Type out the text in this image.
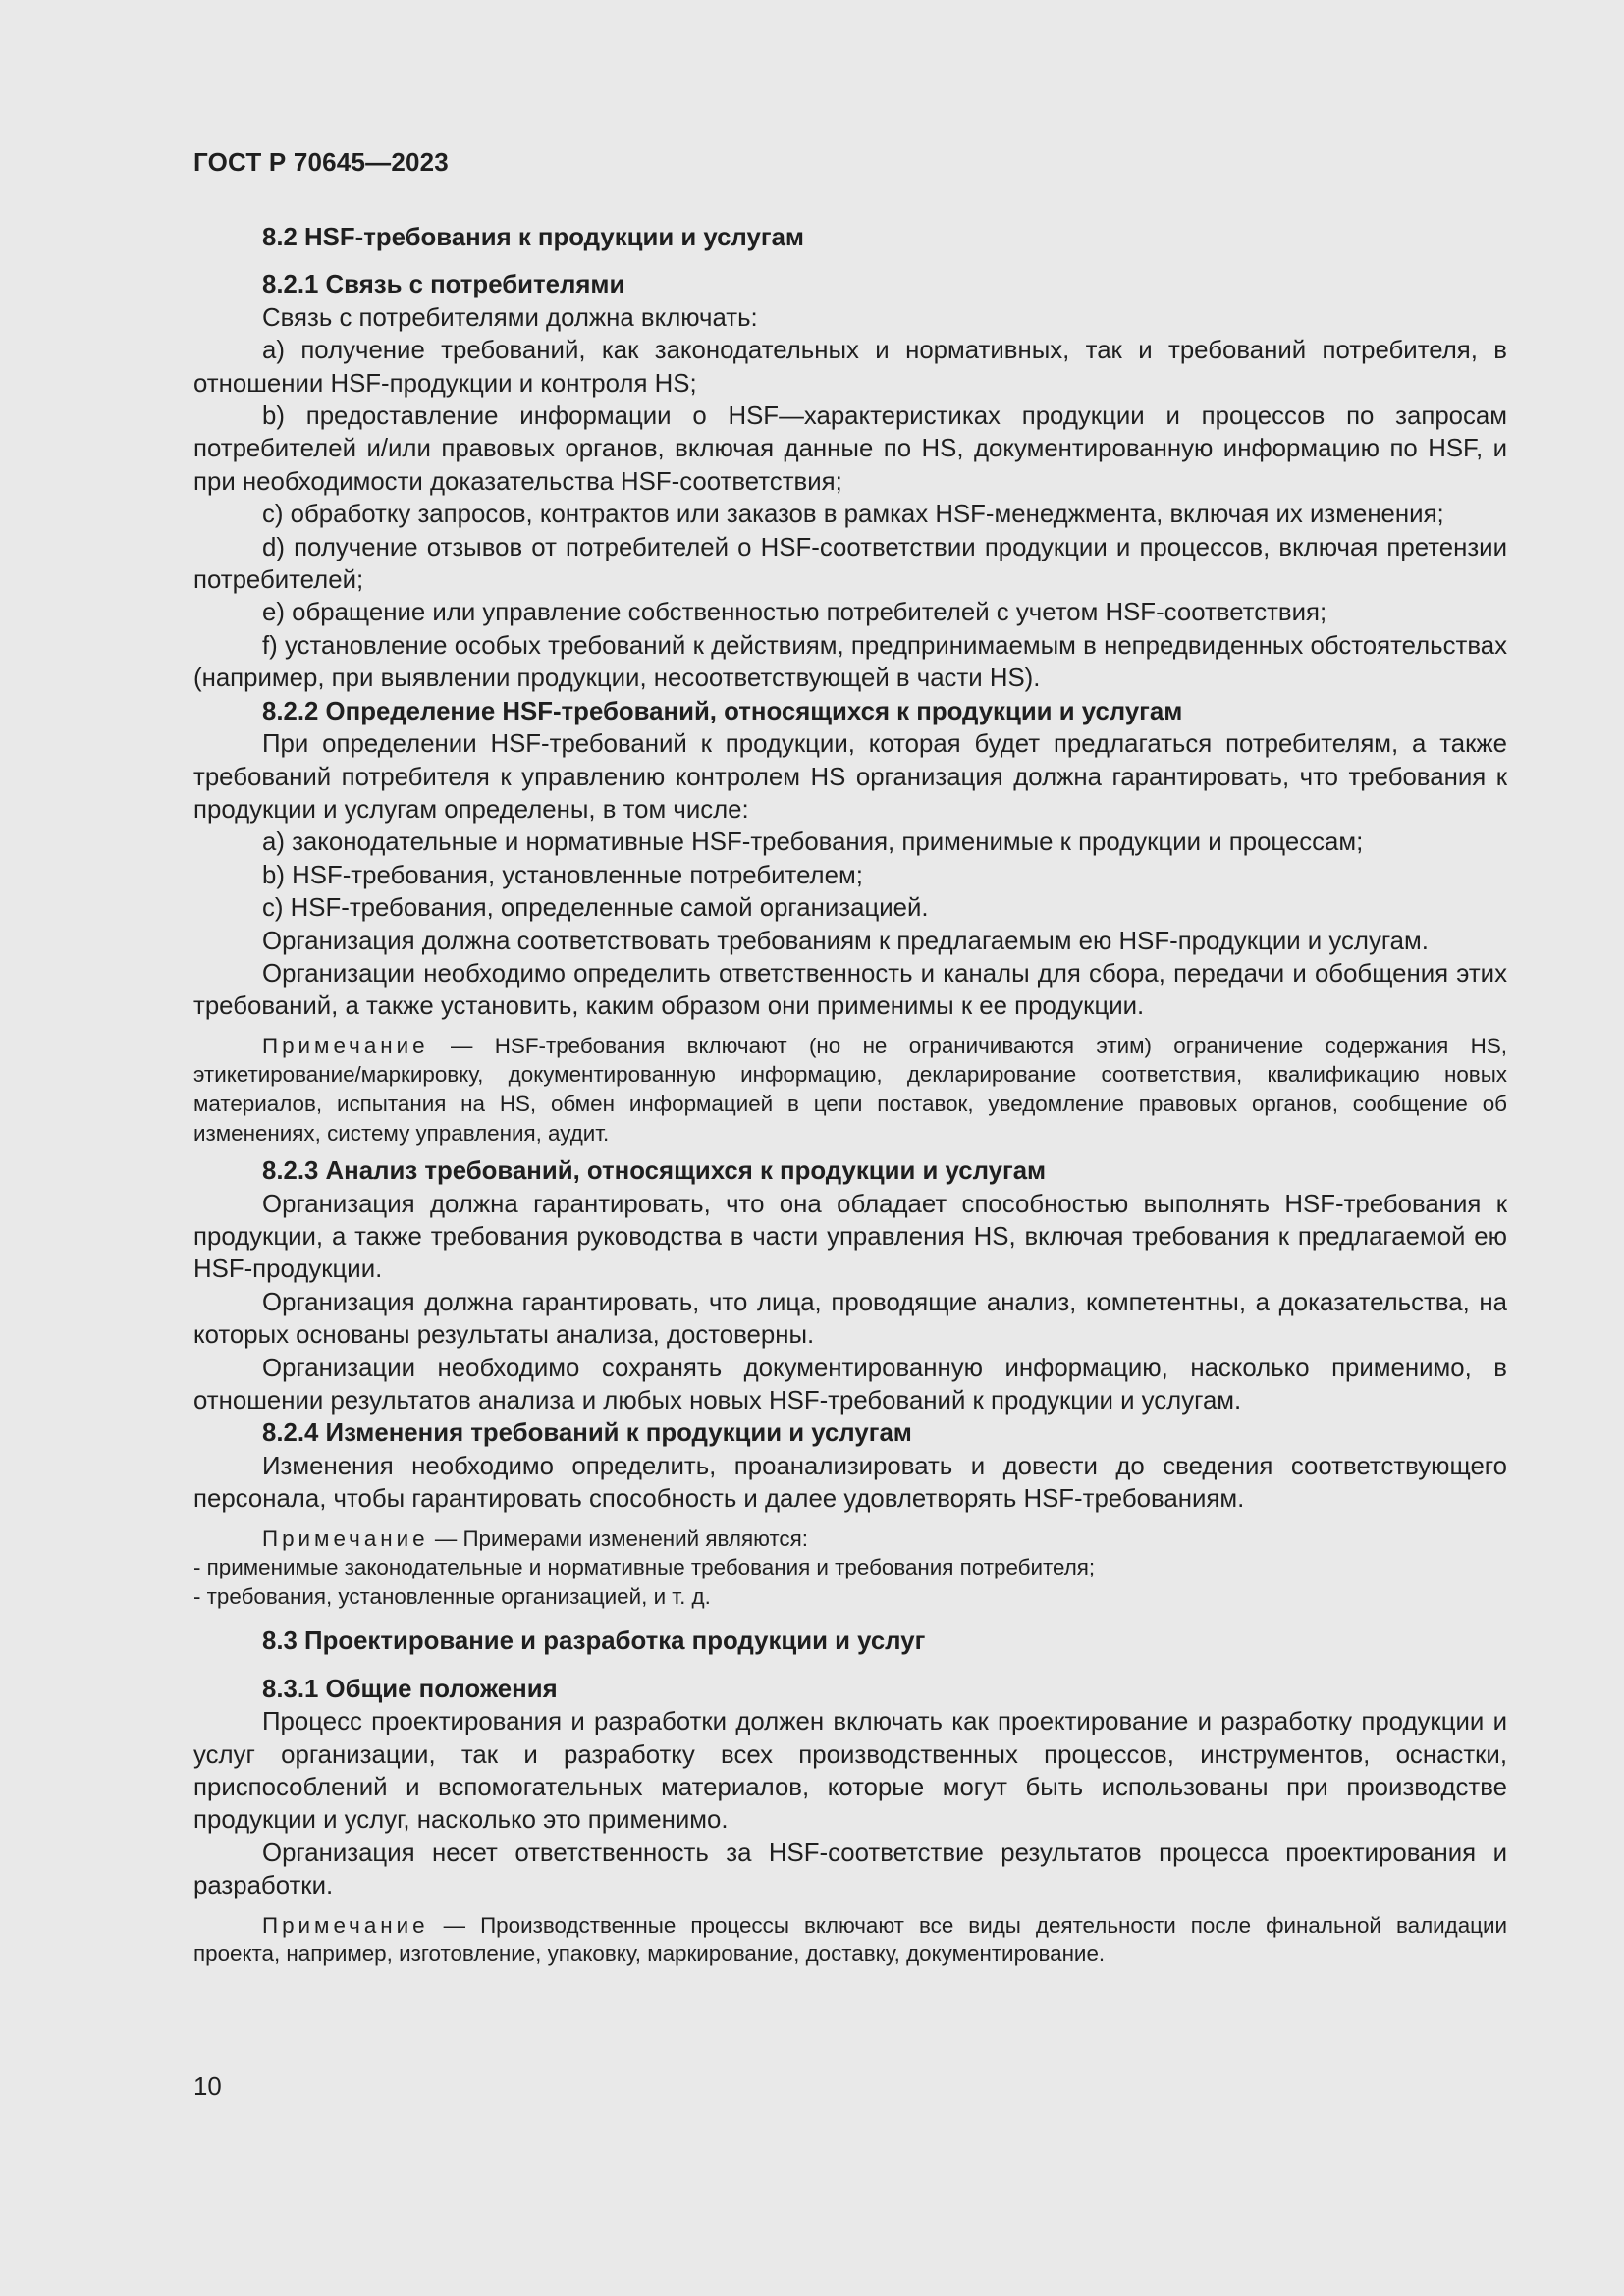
ГОСТ Р 70645—2023

8.2 HSF-требования к продукции и услугам

8.2.1 Связь с потребителями

Связь с потребителями должна включать:

a) получение требований, как законодательных и нормативных, так и требований потребителя, в отношении HSF-продукции и контроля HS;

b) предоставление информации о HSF—характеристиках продукции и процессов по запросам потребителей и/или правовых органов, включая данные по HS, документированную информацию по HSF, и при необходимости доказательства HSF-соответствия;

c) обработку запросов, контрактов или заказов в рамках HSF-менеджмента, включая их изменения;

d) получение отзывов от потребителей о HSF-соответствии продукции и процессов, включая претензии потребителей;

e) обращение или управление собственностью потребителей с учетом HSF-соответствия;

f) установление особых требований к действиям, предпринимаемым в непредвиденных обстоятельствах (например, при выявлении продукции, несоответствующей в части HS).

8.2.2 Определение HSF-требований, относящихся к продукции и услугам

При определении HSF-требований к продукции, которая будет предлагаться потребителям, а также требований потребителя к управлению контролем HS организация должна гарантировать, что требования к продукции и услугам определены, в том числе:

a) законодательные и нормативные HSF-требования, применимые к продукции и процессам;

b) HSF-требования, установленные потребителем;

c) HSF-требования, определенные самой организацией.

Организация должна соответствовать требованиям к предлагаемым ею HSF-продукции и услугам.

Организации необходимо определить ответственность и каналы для сбора, передачи и обобщения этих требований, а также установить, каким образом они применимы к ее продукции.

Примечание — HSF-требования включают (но не ограничиваются этим) ограничение содержания HS, этикетирование/маркировку, документированную информацию, декларирование соответствия, квалификацию новых материалов, испытания на HS, обмен информацией в цепи поставок, уведомление правовых органов, сообщение об изменениях, систему управления, аудит.

8.2.3 Анализ требований, относящихся к продукции и услугам

Организация должна гарантировать, что она обладает способностью выполнять HSF-требования к продукции, а также требования руководства в части управления HS, включая требования к предлагаемой ею HSF-продукции.

Организация должна гарантировать, что лица, проводящие анализ, компетентны, а доказательства, на которых основаны результаты анализа, достоверны.

Организации необходимо сохранять документированную информацию, насколько применимо, в отношении результатов анализа и любых новых HSF-требований к продукции и услугам.

8.2.4 Изменения требований к продукции и услугам

Изменения необходимо определить, проанализировать и довести до сведения соответствующего персонала, чтобы гарантировать способность и далее удовлетворять HSF-требованиям.

Примечание — Примерами изменений являются:

- применимые законодательные и нормативные требования и требования потребителя;

- требования, установленные организацией, и т. д.

8.3 Проектирование и разработка продукции и услуг

8.3.1 Общие положения

Процесс проектирования и разработки должен включать как проектирование и разработку продукции и услуг организации, так и разработку всех производственных процессов, инструментов, оснастки, приспособлений и вспомогательных материалов, которые могут быть использованы при производстве продукции и услуг, насколько это применимо.

Организация несет ответственность за HSF-соответствие результатов процесса проектирования и разработки.

Примечание — Производственные процессы включают все виды деятельности после финальной валидации проекта, например, изготовление, упаковку, маркирование, доставку, документирование.

10
